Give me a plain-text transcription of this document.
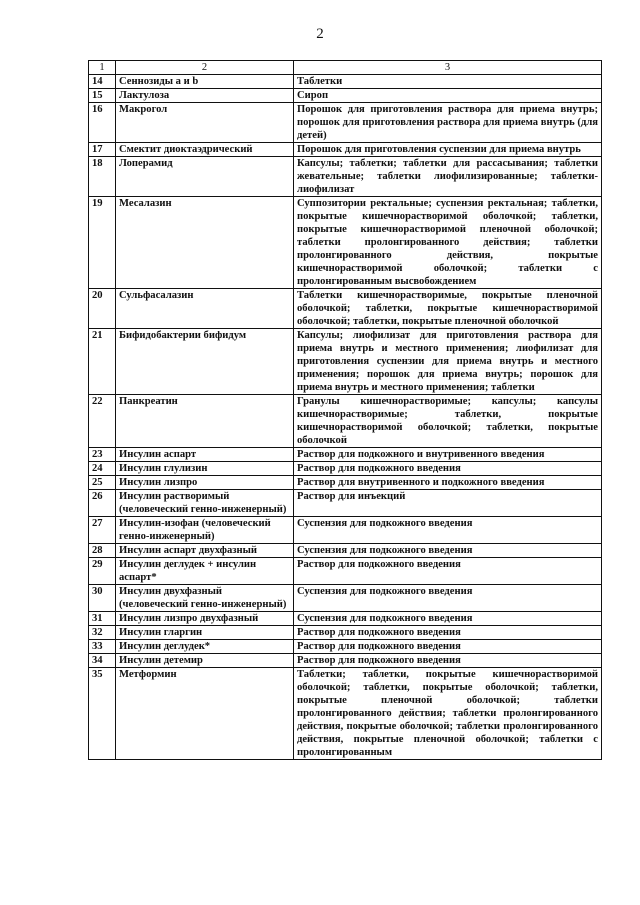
2
1	2	3
14	Сеннозиды a и b	Таблетки
15	Лактулоза	Сироп
16	Макрогол	Порошок для приготовления раствора для приема внутрь; порошок для приготовления раствора для приема внутрь (для детей)
17	Смектит диоктаэдрический	Порошок для приготовления суспензии для приема внутрь
18	Лоперамид	Капсулы; таблетки; таблетки для рассасывания; таблетки жевательные; таблетки лиофилизированные; таблетки-лиофилизат
19	Месалазин	Суппозитории ректальные; суспензия ректальная; таблетки, покрытые кишечнорастворимой оболочкой; таблетки, покрытые кишечнорастворимой пленочной оболочкой; таблетки пролонгированного действия; таблетки пролонгированного действия, покрытые кишечнорастворимой оболочкой; таблетки с пролонгированным высвобождением
20	Сульфасалазин	Таблетки кишечнорастворимые, покрытые пленочной оболочкой; таблетки, покрытые кишечнорастворимой оболочкой; таблетки, покрытые пленочной оболочкой
21	Бифидобактерии бифидум	Капсулы; лиофилизат для приготовления раствора для приема внутрь и местного применения; лиофилизат для приготовления суспензии для приема внутрь и местного применения; порошок для приема внутрь; порошок для приема внутрь и местного применения; таблетки
22	Панкреатин	Гранулы кишечнорастворимые; капсулы; капсулы кишечнорастворимые; таблетки, покрытые кишечнорастворимой оболочкой; таблетки, покрытые оболочкой
23	Инсулин аспарт	Раствор для подкожного и внутривенного введения
24	Инсулин глулизин	Раствор для подкожного введения
25	Инсулин лизпро	Раствор для внутривенного и подкожного введения
26	Инсулин растворимый (человеческий генно-инженерный)	Раствор для инъекций
27	Инсулин-изофан (человеческий генно-инженерный)	Суспензия для подкожного введения
28	Инсулин аспарт двухфазный	Суспензия для подкожного введения
29	Инсулин деглудек + инсулин аспарт*	Раствор для подкожного введения
30	Инсулин двухфазный (человеческий генно-инженерный)	Суспензия для подкожного введения
31	Инсулин лизпро двухфазный	Суспензия для подкожного введения
32	Инсулин гларгин	Раствор для подкожного введения
33	Инсулин деглудек*	Раствор для подкожного введения
34	Инсулин детемир	Раствор для подкожного введения
35	Метформин	Таблетки; таблетки, покрытые кишечнорастворимой оболочкой; таблетки, покрытые оболочкой; таблетки, покрытые пленочной оболочкой; таблетки пролонгированного действия; таблетки пролонгированного действия, покрытые оболочкой; таблетки пролонгированного действия, покрытые пленочной оболочкой; таблетки с пролонгированным
